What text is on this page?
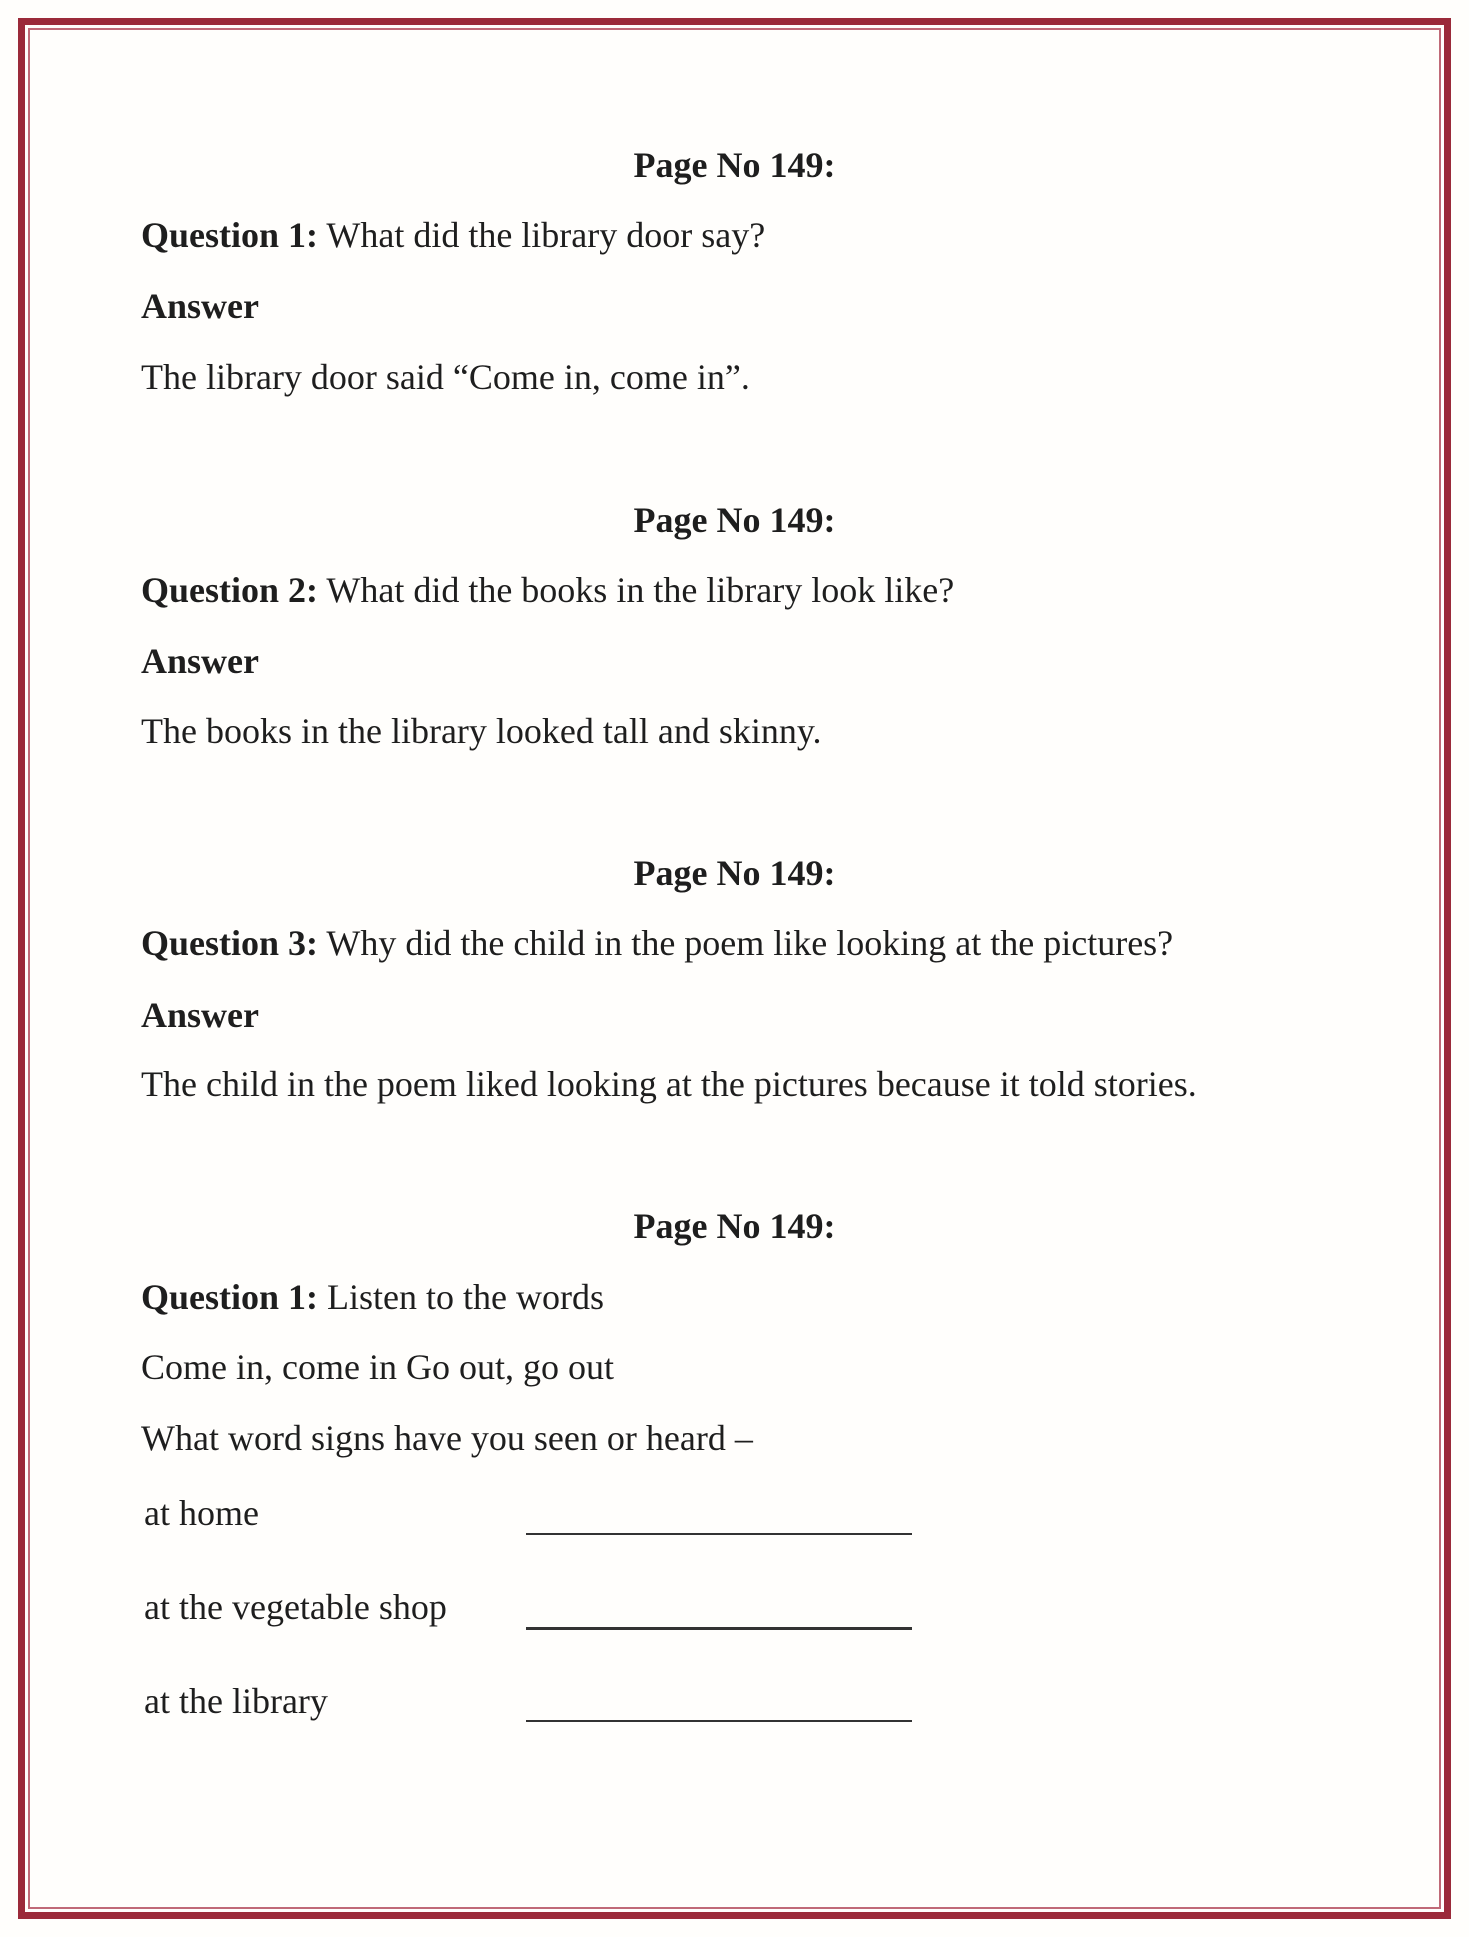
Page No 149:
Question 1: What did the library door say?
Answer
The library door said “Come in, come in”.
Page No 149:
Question 2: What did the books in the library look like?
Answer
The books in the library looked tall and skinny.
Page No 149:
Question 3: Why did the child in the poem like looking at the pictures?
Answer
The child in the poem liked looking at the pictures because it told stories.
Page No 149:
Question 1: Listen to the words
Come in, come in Go out, go out
What word signs have you seen or heard –
at home
at the vegetable shop
at the library
